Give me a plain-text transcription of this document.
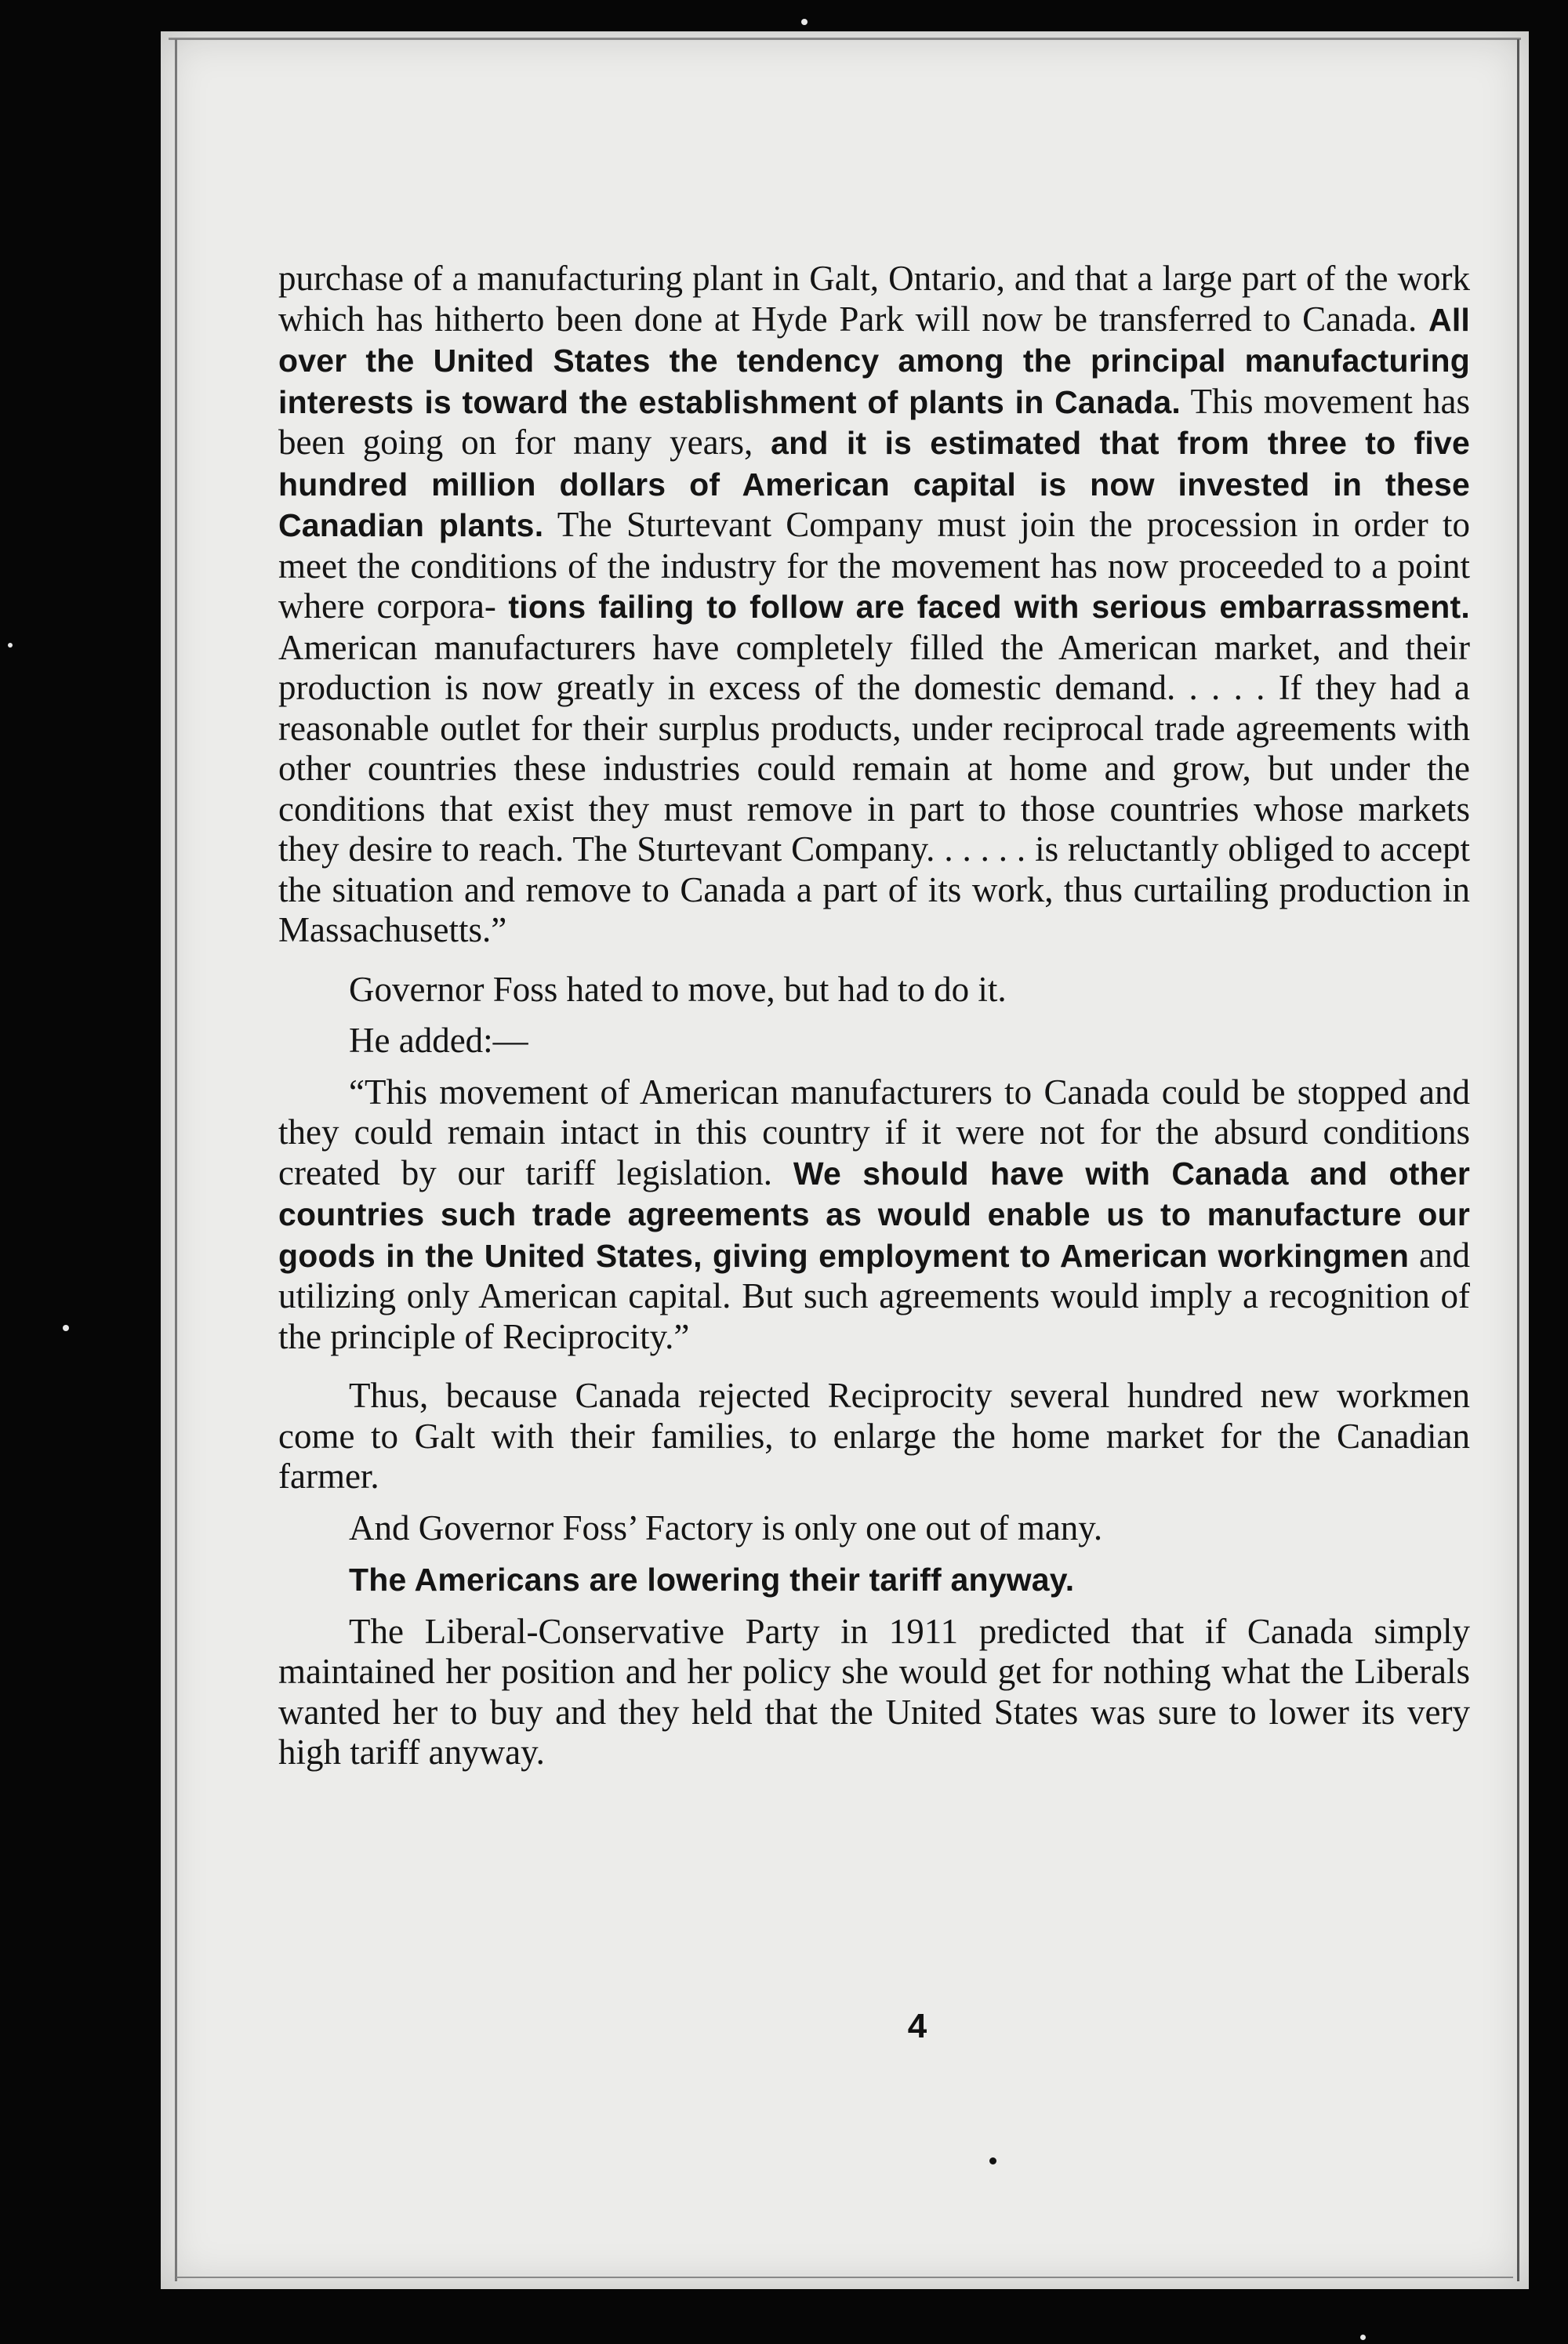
purchase of a manufacturing plant in Galt, Ontario, and that a large part of the work which has hitherto been done at Hyde Park will now be transferred to Canada. All over the United States the tendency among the principal manufacturing interests is toward the establishment of plants in Canada. This movement has been going on for many years, and it is estimated that from three to five hundred million dollars of American capital is now invested in these Canadian plants. The Sturtevant Company must join the procession in order to meet the conditions of the industry for the movement has now proceeded to a point where corpora- tions failing to follow are faced with serious embarrassment. American manufacturers have completely filled the American market, and their production is now greatly in excess of the domestic demand. . . . . If they had a reasonable outlet for their surplus products, under reciprocal trade agreements with other countries these industries could remain at home and grow, but under the conditions that exist they must remove in part to those countries whose markets they desire to reach. The Sturtevant Company. . . . . . is reluctantly obliged to accept the situation and remove to Canada a part of its work, thus curtailing production in Massachusetts.”

Governor Foss hated to move, but had to do it.

He added:—

“This movement of American manufacturers to Canada could be stopped and they could remain intact in this country if it were not for the absurd conditions created by our tariff legislation. We should have with Canada and other countries such trade agreements as would enable us to manufacture our goods in the United States, giving employment to American workingmen and utilizing only American capital. But such agreements would imply a recognition of the principle of Reciprocity.”

Thus, because Canada rejected Reciprocity several hundred new workmen come to Galt with their families, to enlarge the home market for the Canadian farmer.

And Governor Foss’ Factory is only one out of many.

The Americans are lowering their tariff anyway.

The Liberal-Conservative Party in 1911 predicted that if Canada simply maintained her position and her policy she would get for nothing what the Liberals wanted her to buy and they held that the United States was sure to lower its very high tariff anyway.

4
